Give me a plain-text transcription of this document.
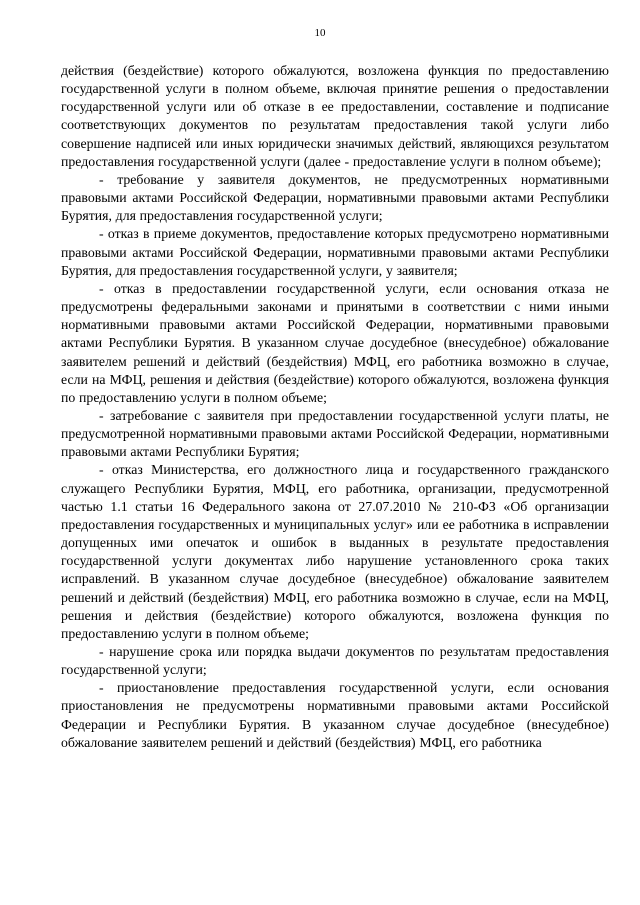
10

действия (бездействие) которого обжалуются, возложена функция по предоставлению государственной услуги в полном объеме, включая принятие решения о предоставлении государственной услуги или об отказе в ее предоставлении, составление и подписание соответствующих документов по результатам предоставления такой услуги либо совершение надписей или иных юридически значимых действий, являющихся результатом предоставления государственной услуги (далее - предоставление услуги в полном объеме);

- требование у заявителя документов, не предусмотренных нормативными правовыми актами Российской Федерации, нормативными правовыми актами Республики Бурятия, для предоставления государственной услуги;

- отказ в приеме документов, предоставление которых предусмотрено нормативными правовыми актами Российской Федерации, нормативными правовыми актами Республики Бурятия, для предоставления государственной услуги, у заявителя;

- отказ в предоставлении государственной услуги, если основания отказа не предусмотрены федеральными законами и принятыми в соответствии с ними иными нормативными правовыми актами Российской Федерации, нормативными правовыми актами Республики Бурятия. В указанном случае досудебное (внесудебное) обжалование заявителем решений и действий (бездействия) МФЦ, его работника возможно в случае, если на МФЦ, решения и действия (бездействие) которого обжалуются, возложена функция по предоставлению услуги в полном объеме;

- затребование с заявителя при предоставлении государственной услуги платы, не предусмотренной нормативными правовыми актами Российской Федерации, нормативными правовыми актами Республики Бурятия;

- отказ Министерства, его должностного лица и государственного гражданского служащего Республики Бурятия, МФЦ, его работника, организации, предусмотренной частью 1.1 статьи 16 Федерального закона от 27.07.2010 № 210-ФЗ «Об организации предоставления государственных и муниципальных услуг» или ее работника в исправлении допущенных ими опечаток и ошибок в выданных в результате предоставления государственной услуги документах либо нарушение установленного срока таких исправлений. В указанном случае досудебное (внесудебное) обжалование заявителем решений и действий (бездействия) МФЦ, его работника возможно в случае, если на МФЦ, решения и действия (бездействие) которого обжалуются, возложена функция по предоставлению услуги в полном объеме;

- нарушение срока или порядка выдачи документов по результатам предоставления государственной услуги;

- приостановление предоставления государственной услуги, если основания приостановления не предусмотрены нормативными правовыми актами Российской Федерации и Республики Бурятия. В указанном случае досудебное (внесудебное) обжалование заявителем решений и действий (бездействия) МФЦ, его работника
